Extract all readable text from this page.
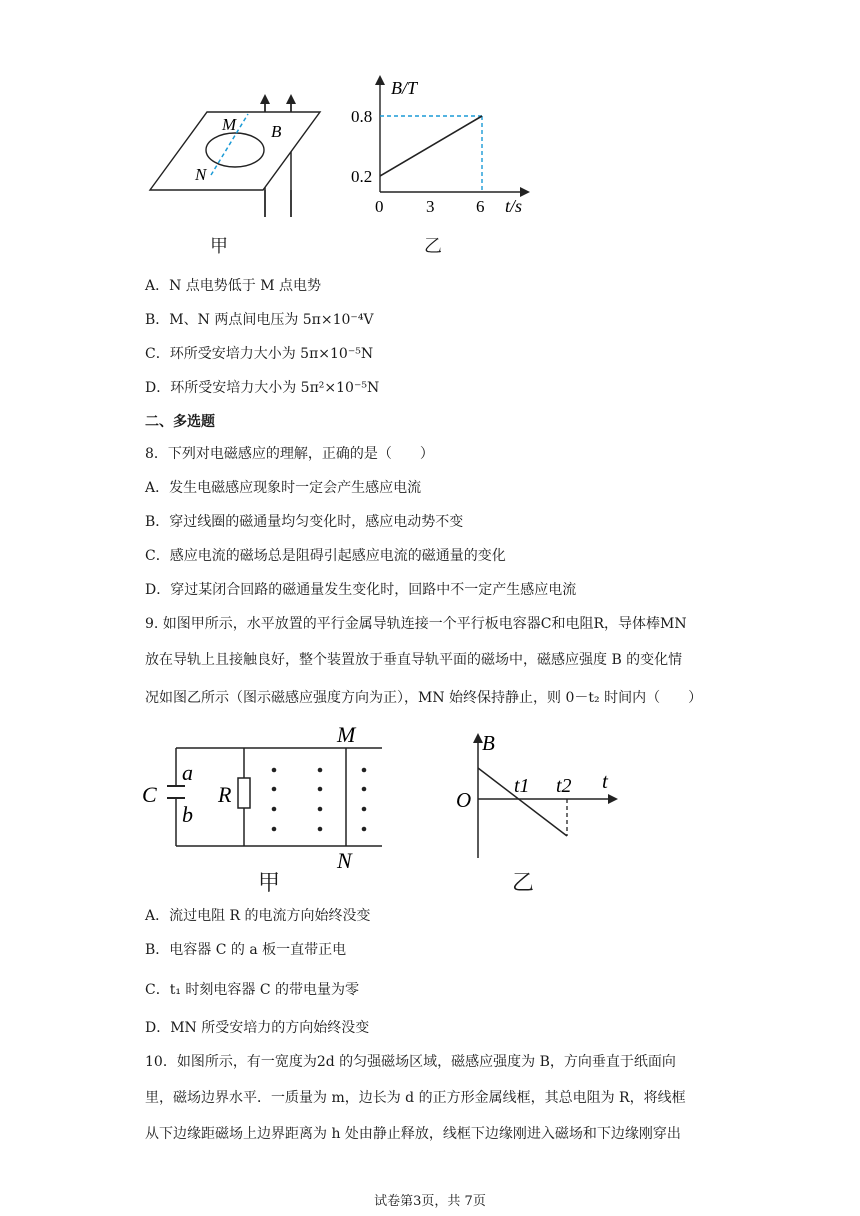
M
N
B
甲
B/T
0.8
0.2
0	3 6 t/s
乙
A．N 点电势低于 M 点电势
B．M、N 两点间电压为 5π×10⁻⁴V
C．环所受安培力大小为 5π×10⁻⁵N
D．环所受安培力大小为 5π²×10⁻⁵N
二、多选题
8．下列对电磁感应的理解，正确的是（　　）
A．发生电磁感应现象时一定会产生感应电流
B．穿过线圈的磁通量均匀变化时，感应电动势不变
C．感应电流的磁场总是阻碍引起感应电流的磁通量的变化
D．穿过某闭合回路的磁通量发生变化时，回路中不一定产生感应电流
9. 如图甲所示，水平放置的平行金属导轨连接一个平行板电容器C和电阻R，导体棒MN
放在导轨上且接触良好，整个装置放于垂直导轨平面的磁场中，磁感应强度 B 的变化情
况如图乙所示（图示磁感应强度方向为正），MN 始终保持静止，则 0－t₂ 时间内（　　）
C
a
b
R
M
N
甲
B
O
t1 t2 t
乙
A．流过电阻 R 的电流方向始终没变
B．电容器 C 的 a 板一直带正电
C．t₁ 时刻电容器 C 的带电量为零
D．MN 所受安培力的方向始终没变
10．如图所示，有一宽度为2d 的匀强磁场区域，磁感应强度为 B，方向垂直于纸面向
里，磁场边界水平．一质量为 m，边长为 d 的正方形金属线框，其总电阻为 R，将线框
从下边缘距磁场上边界距离为 h 处由静止释放，线框下边缘刚进入磁场和下边缘刚穿出
试卷第3页，共 7页
